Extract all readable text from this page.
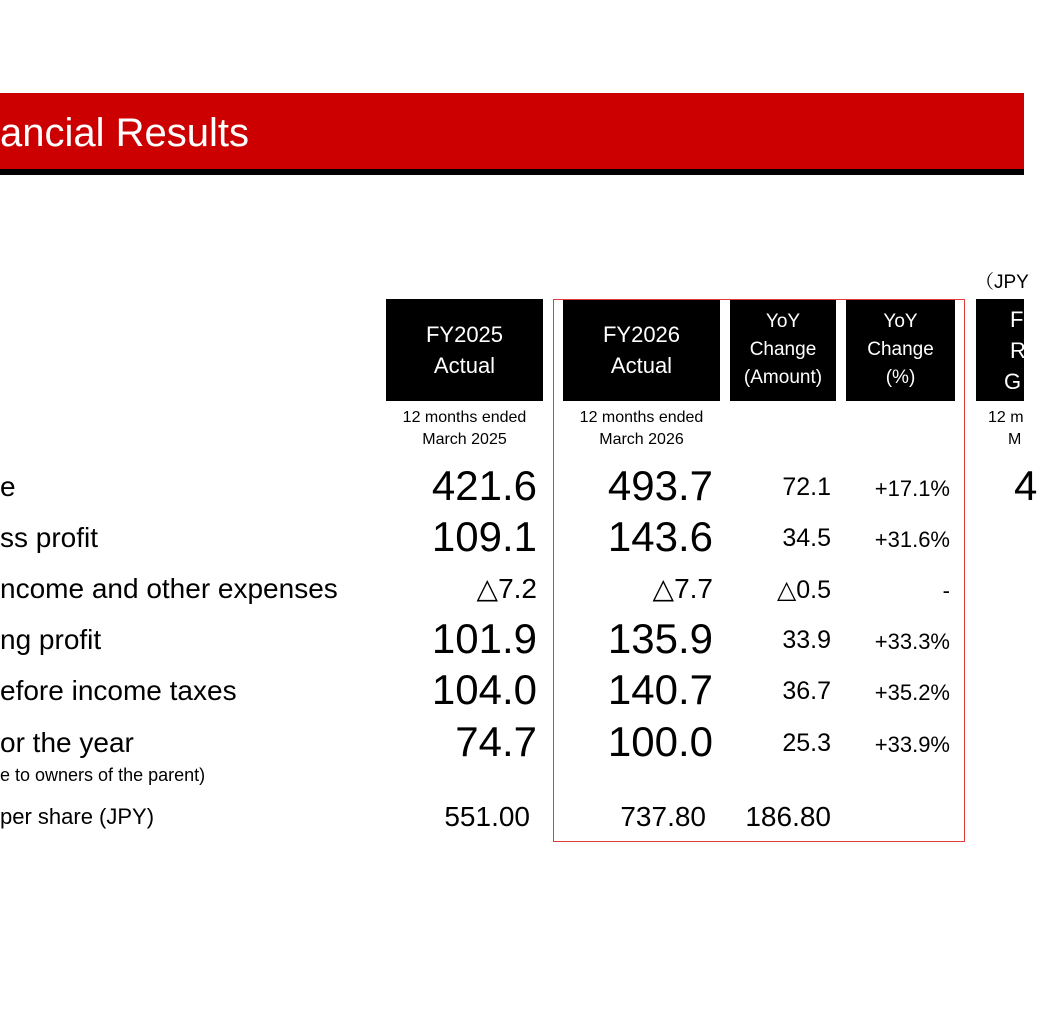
ancial Results
（JPY
FY2025
Actual
FY2026
Actual
YoY
Change
(Amount)
YoY
Change
(%)
F
R
G
12 months ended
March 2025
12 months ended
March 2026
12 m
M
e
ss profit
ncome and other expenses
ng profit
efore income taxes
or the year
e to owners of the parent)
per share (JPY)
421.6
109.1
△7.2
101.9
104.0
74.7
551.00
493.7
143.6
△7.7
135.9
140.7
100.0
737.80
72.1
34.5
△0.5
33.9
36.7
25.3
186.80
+17.1%
+31.6%
-
+33.3%
+35.2%
+33.9%
4
